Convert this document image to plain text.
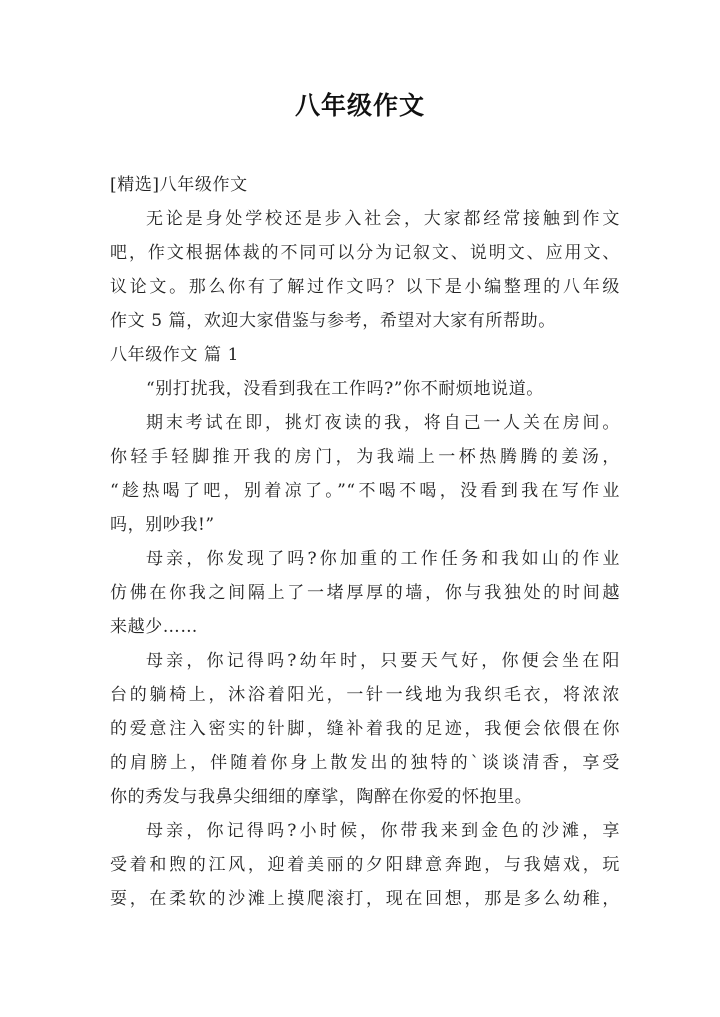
八年级作文
[精选]八年级作文
无论是身处学校还是步入社会，大家都经常接触到作文
吧，作文根据体裁的不同可以分为记叙文、说明文、应用文、
议论文。那么你有了解过作文吗？以下是小编整理的八年级
作文 5 篇，欢迎大家借鉴与参考，希望对大家有所帮助。
八年级作文 篇 1
“别打扰我，没看到我在工作吗?”你不耐烦地说道。
期末考试在即，挑灯夜读的我，将自己一人关在房间。
你轻手轻脚推开我的房门，为我端上一杯热腾腾的姜汤，
“趁热喝了吧，别着凉了。”“不喝不喝，没看到我在写作业
吗，别吵我!”
母亲，你发现了吗?你加重的工作任务和我如山的作业
仿佛在你我之间隔上了一堵厚厚的墙，你与我独处的时间越
来越少……
母亲，你记得吗?幼年时，只要天气好，你便会坐在阳
台的躺椅上，沐浴着阳光，一针一线地为我织毛衣，将浓浓
的爱意注入密实的针脚，缝补着我的足迹，我便会依偎在你
的肩膀上，伴随着你身上散发出的独特的`谈谈清香，享受
你的秀发与我鼻尖细细的摩挲，陶醉在你爱的怀抱里。
母亲，你记得吗?小时候，你带我来到金色的沙滩，享
受着和煦的江风，迎着美丽的夕阳肆意奔跑，与我嬉戏，玩
耍，在柔软的沙滩上摸爬滚打，现在回想，那是多么幼稚，
